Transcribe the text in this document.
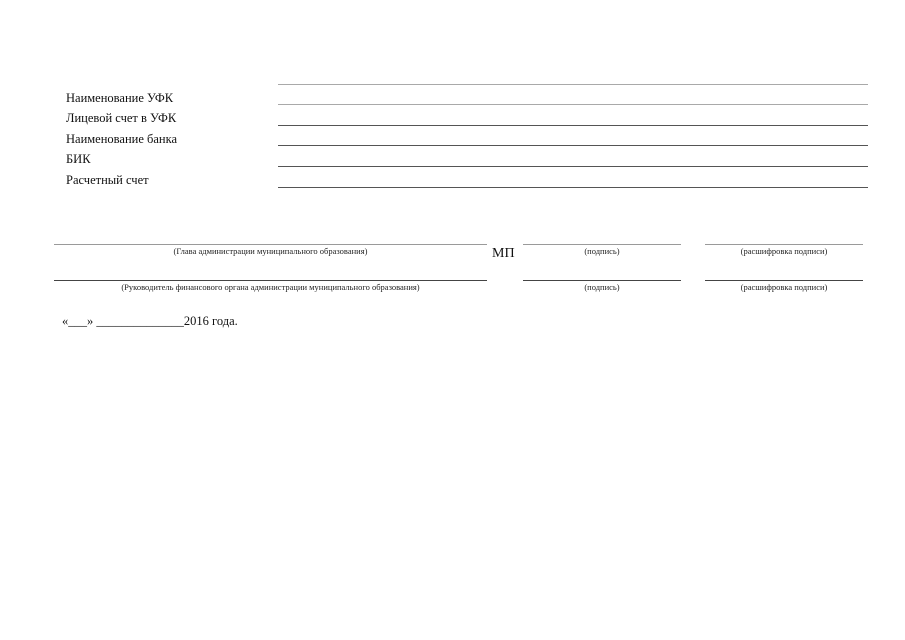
Наименование УФК
Лицевой счет в УФК
Наименование банка
БИК
Расчетный счет
(Глава администрации муниципального образования)	МП	(подпись)	(расшифровка подписи)
(Руководитель финансового органа администрации муниципального образования)	(подпись)	(расшифровка подписи)
«___» ______________2016 года.
